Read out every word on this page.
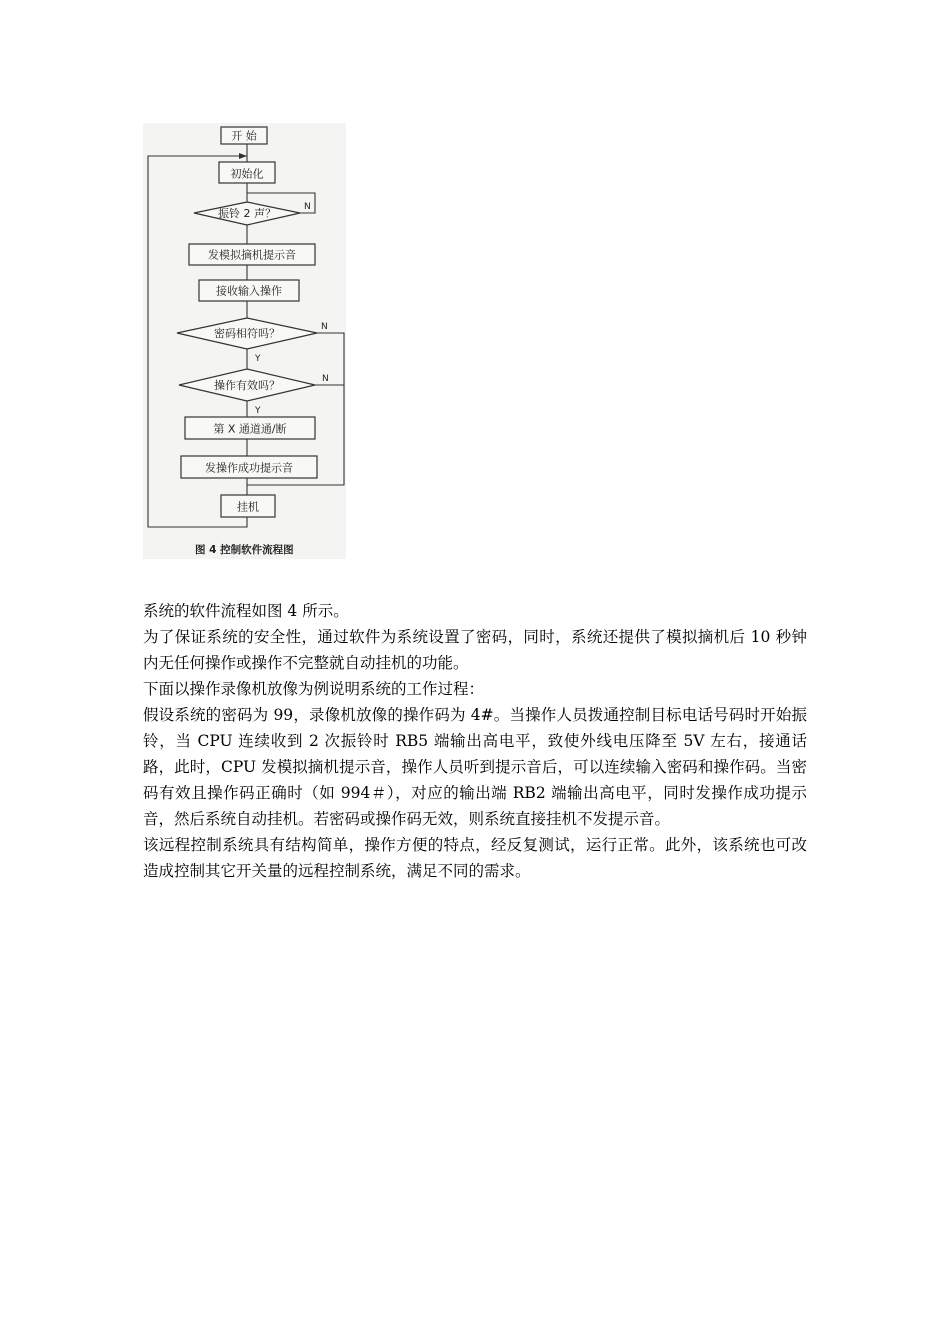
开 始
初始化
振铃 2 声？
发模拟摘机提示音
接收输入操作
密码相符吗？
操作有效吗？
第 X 通道通/断
发操作成功提示音
挂机
N
N
N
Y
Y
图 4 控制软件流程图

系统的软件流程如图 4 所示。

为了保证系统的安全性，通过软件为系统设置了密码，同时，系统还提供了模拟摘机后 10 秒钟内无任何操作或操作不完整就自动挂机的功能。

下面以操作录像机放像为例说明系统的工作过程：

假设系统的密码为 99，录像机放像的操作码为 4#。当操作人员拨通控制目标电话号码时开始振铃，当 CPU 连续收到 2 次振铃时 RB5 端输出高电平，致使外线电压降至 5V 左右，接通话路，此时，CPU 发模拟摘机提示音，操作人员听到提示音后，可以连续输入密码和操作码。当密码有效且操作码正确时（如 994＃），对应的输出端 RB2 端输出高电平，同时发操作成功提示音，然后系统自动挂机。若密码或操作码无效，则系统直接挂机不发提示音。

该远程控制系统具有结构简单，操作方便的特点，经反复测试，运行正常。此外，该系统也可改造成控制其它开关量的远程控制系统，满足不同的需求。
